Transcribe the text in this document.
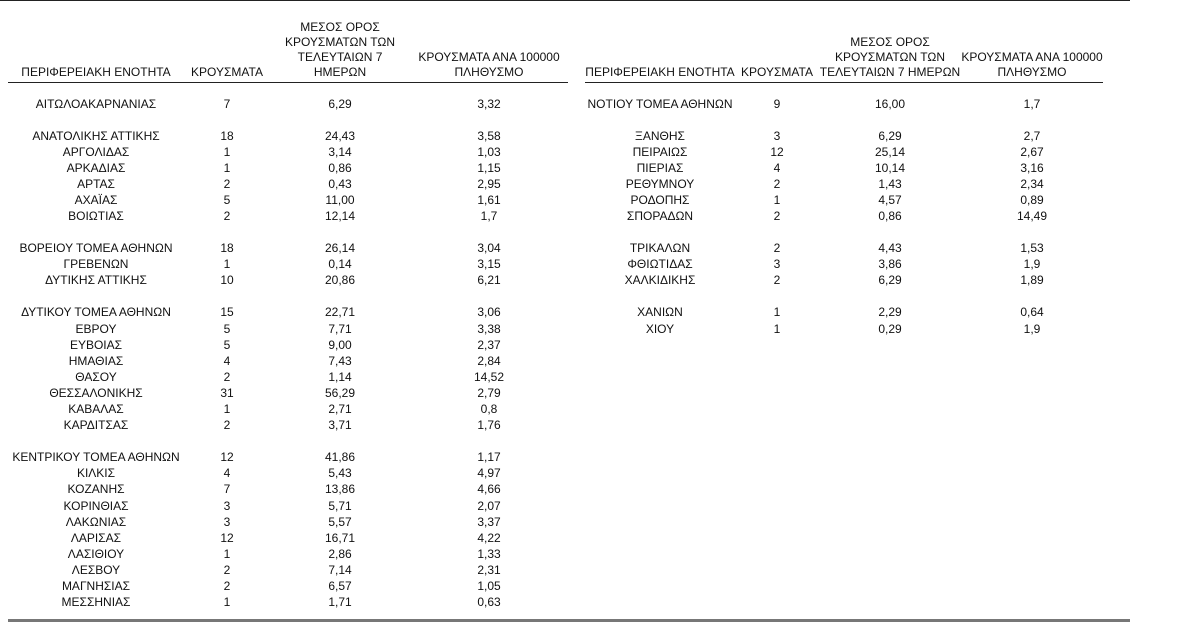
ΠΕΡΙΦΕΡΕΙΑΚΗ ΕΝΟΤΗΤΑ	ΚΡΟΥΣΜΑΤΑ	ΜΕΣΟΣ ΟΡΟΣ ΚΡΟΥΣΜΑΤΩΝ ΤΩΝ ΤΕΛΕΥΤΑΙΩΝ 7 ΗΜΕΡΩΝ	ΚΡΟΥΣΜΑΤΑ ΑΝΑ 100000 ΠΛΗΘΥΣΜΟ
ΑΙΤΩΛΟΑΚΑΡΝΑΝΙΑΣ	7	6,29	3,32
ΑΝΑΤΟΛΙΚΗΣ ΑΤΤΙΚΗΣ	18	24,43	3,58
ΑΡΓΟΛΙΔΑΣ	1	3,14	1,03
ΑΡΚΑΔΙΑΣ	1	0,86	1,15
ΑΡΤΑΣ	2	0,43	2,95
ΑΧΑΪΑΣ	5	11,00	1,61
ΒΟΙΩΤΙΑΣ	2	12,14	1,7
ΒΟΡΕΙΟΥ ΤΟΜΕΑ ΑΘΗΝΩΝ	18	26,14	3,04
ΓΡΕΒΕΝΩΝ	1	0,14	3,15
ΔΥΤΙΚΗΣ ΑΤΤΙΚΗΣ	10	20,86	6,21
ΔΥΤΙΚΟΥ ΤΟΜΕΑ ΑΘΗΝΩΝ	15	22,71	3,06
ΕΒΡΟΥ	5	7,71	3,38
ΕΥΒΟΙΑΣ	5	9,00	2,37
ΗΜΑΘΙΑΣ	4	7,43	2,84
ΘΑΣΟΥ	2	1,14	14,52
ΘΕΣΣΑΛΟΝΙΚΗΣ	31	56,29	2,79
ΚΑΒΑΛΑΣ	1	2,71	0,8
ΚΑΡΔΙΤΣΑΣ	2	3,71	1,76
ΚΕΝΤΡΙΚΟΥ ΤΟΜΕΑ ΑΘΗΝΩΝ	12	41,86	1,17
ΚΙΛΚΙΣ	4	5,43	4,97
ΚΟΖΑΝΗΣ	7	13,86	4,66
ΚΟΡΙΝΘΙΑΣ	3	5,71	2,07
ΛΑΚΩΝΙΑΣ	3	5,57	3,37
ΛΑΡΙΣΑΣ	12	16,71	4,22
ΛΑΣΙΘΙΟΥ	1	2,86	1,33
ΛΕΣΒΟΥ	2	7,14	2,31
ΜΑΓΝΗΣΙΑΣ	2	6,57	1,05
ΜΕΣΣΗΝΙΑΣ	1	1,71	0,63
ΠΕΡΙΦΕΡΕΙΑΚΗ ΕΝΟΤΗΤΑ	ΚΡΟΥΣΜΑΤΑ	ΜΕΣΟΣ ΟΡΟΣ ΚΡΟΥΣΜΑΤΩΝ ΤΩΝ ΤΕΛΕΥΤΑΙΩΝ 7 ΗΜΕΡΩΝ	ΚΡΟΥΣΜΑΤΑ ΑΝΑ 100000 ΠΛΗΘΥΣΜΟ
ΝΟΤΙΟΥ ΤΟΜΕΑ ΑΘΗΝΩΝ	9	16,00	1,7
ΞΑΝΘΗΣ	3	6,29	2,7
ΠΕΙΡΑΙΩΣ	12	25,14	2,67
ΠΙΕΡΙΑΣ	4	10,14	3,16
ΡΕΘΥΜΝΟΥ	2	1,43	2,34
ΡΟΔΟΠΗΣ	1	4,57	0,89
ΣΠΟΡΑΔΩΝ	2	0,86	14,49
ΤΡΙΚΑΛΩΝ	2	4,43	1,53
ΦΘΙΩΤΙΔΑΣ	3	3,86	1,9
ΧΑΛΚΙΔΙΚΗΣ	2	6,29	1,89
ΧΑΝΙΩΝ	1	2,29	0,64
ΧΙΟΥ	1	0,29	1,9
